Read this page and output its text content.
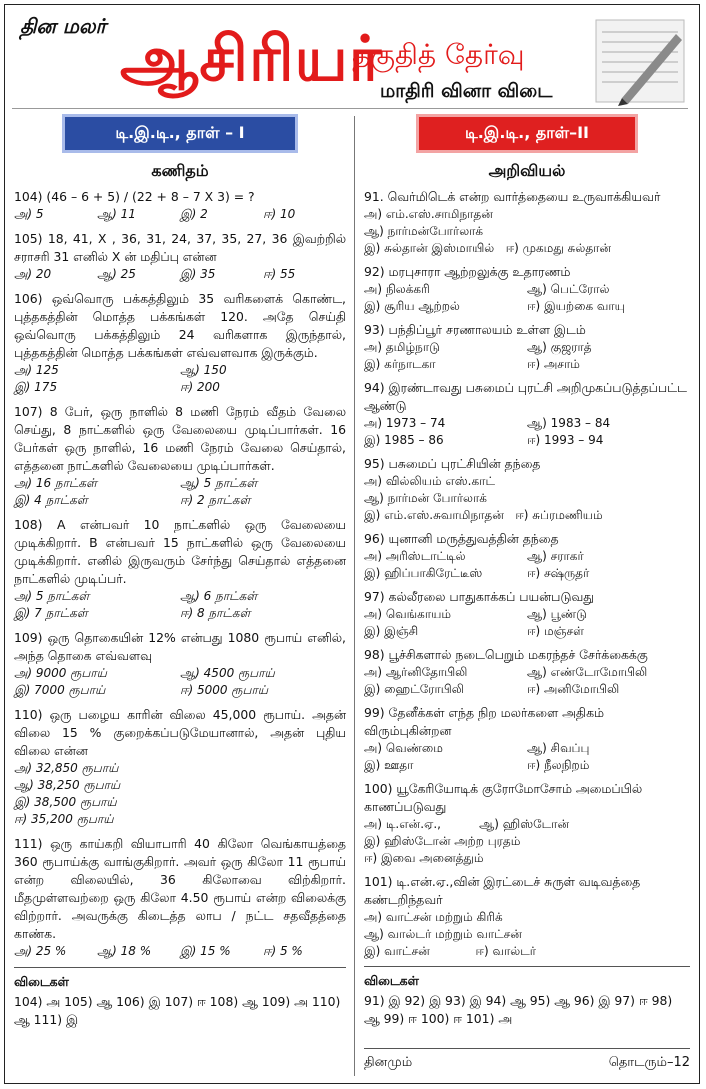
தின மலர் ஆசிரியர்
தகுதித் தேர்வு
மாதிரி வினா விடை
டி.இ.டி., தாள் – I
கணிதம்
104) (46 – 6 + 5) / (22 + 8 – 7 X 3) = ?
அ) 5	ஆ) 11	இ) 2	ஈ) 10
105) 18, 41, X , 36, 31, 24, 37, 35, 27, 36 இவற்றில் சராசரி 31 எனில் X ன் மதிப்பு என்ன
அ) 20	ஆ) 25	இ) 35	ஈ) 55
106) ஒவ்வொரு பக்கத்திலும் 35 வரிகளைக் கொண்ட, புத்தகத்தின் மொத்த பக்கங்கள் 120. அதே செய்தி ஒவ்வொரு பக்கத்திலும் 24 வரிகளாக இருந்தால், புத்தகத்தின் மொத்த பக்கங்கள் எவ்வளவாக இருக்கும்.
அ) 125	ஆ) 150
இ) 175	ஈ) 200
107) 8 பேர், ஒரு நாளில் 8 மணி நேரம் வீதம் வேலை செய்து, 8 நாட்களில் ஒரு வேலையை முடிப்பார்கள். 16 பேர்கள் ஒரு நாளில், 16 மணி நேரம் வேலை செய்தால், எத்தனை நாட்களில் வேலையை முடிப்பார்கள்.
அ) 16 நாட்கள்	ஆ) 5 நாட்கள்
இ) 4 நாட்கள்	ஈ) 2 நாட்கள்
108) A என்பவர் 10 நாட்களில் ஒரு வேலையை முடிக்கிறார். B என்பவர் 15 நாட்களில் ஒரு வேலையை முடிக்கிறார். எனில் இருவரும் சேர்ந்து செய்தால் எத்தனை நாட்களில் முடிப்பர்.
அ) 5 நாட்கள்	ஆ) 6 நாட்கள்
இ) 7 நாட்கள்	ஈ) 8 நாட்கள்
109) ஒரு தொகையின் 12% என்பது 1080 ரூபாய் எனில், அந்த தொகை எவ்வளவு
அ) 9000 ரூபாய்	ஆ) 4500 ரூபாய்
இ) 7000 ரூபாய்	ஈ) 5000 ரூபாய்
110) ஒரு பழைய காரின் விலை 45,000 ரூபாய். அதன் விலை 15 % குறைக்கப்படுமேயானால், அதன் புதிய விலை என்ன
அ) 32,850 ரூபாய்
ஆ) 38,250 ரூபாய்
இ) 38,500 ரூபாய்
ஈ) 35,200 ரூபாய்
111) ஒரு காய்கறி வியாபாரி 40 கிலோ வெங்காயத்தை 360 ரூபாய்க்கு வாங்குகிறார். அவர் ஒரு கிலோ 11 ரூபாய் என்ற விலையில், 36 கிலோவை விற்கிறார். மீதமுள்ளவற்றை ஒரு கிலோ 4.50 ரூபாய் என்ற விலைக்கு விற்றார். அவருக்கு கிடைத்த லாப / நட்ட சதவீதத்தை காண்க.
அ) 25 %	ஆ) 18 %	இ) 15 %	ஈ) 5 %
விடைகள்
104) அ 105) ஆ 106) இ 107) ஈ 108) ஆ 109) அ 110) ஆ 111) இ
டி.இ.டி., தாள்–II
அறிவியல்
91. வெர்மிடெக் என்ற வார்த்தையை உருவாக்கியவர்
அ) எம்.எஸ்.சாமிநாதன்
ஆ) நார்மன்போர்லாக்
இ) சுல்தான் இஸ்மாயில்   ஈ) முகமது சுல்தான்
92) மரபுசாரா ஆற்றலுக்கு உதாரணம்
அ) நிலக்கரி	ஆ) பெட்ரோல்
இ) சூரிய ஆற்றல்	ஈ) இயற்கை வாயு
93) பந்திப்பூர் சரணாலயம் உள்ள இடம்
அ) தமிழ்நாடு	ஆ) குஜராத்
இ) கர்நாடகா	ஈ) அசாம்
94) இரண்டாவது பசுமைப் புரட்சி அறிமுகப்படுத்தப்பட்ட ஆண்டு
அ) 1973 – 74	ஆ) 1983 – 84
இ) 1985 – 86	ஈ) 1993 – 94
95) பசுமைப் புரட்சியின் தந்தை
அ) வில்லியம் எஸ்.காட்
ஆ) நார்மன் போர்லாக்
இ) எம்.எஸ்.சுவாமிநாதன்   ஈ) சுப்ரமணியம்
96) யுனானி மருத்துவத்தின் தந்தை
அ) அரிஸ்டாட்டில்	ஆ) சராகர்
இ) ஹிப்பாகிரேட்டீஸ்	ஈ) சஷ்ருதர்
97) கல்லீரலை பாதுகாக்கப் பயன்படுவது
அ) வெங்காயம்	ஆ) பூண்டு
இ) இஞ்சி	ஈ) மஞ்சள்
98) பூச்சிகளால் நடைபெறும் மகரந்தச் சேர்க்கைக்கு
அ) ஆர்னிதோபிலி	ஆ) எண்டோமோபிலி
இ) ஹைட்ரோபிலி	ஈ) அனிமோபிலி
99) தேனீக்கள் எந்த நிற மலர்களை அதிகம் விரும்புகின்றன
அ) வெண்மை	ஆ) சிவப்பு
இ) ஊதா	ஈ) நீலநிறம்
100) யூகேரியோடிக் குரோமோசோம் அமைப்பில் காணப்படுவது
அ) டி.என்.ஏ.,          ஆ) ஹிஸ்டோன்
இ) ஹிஸ்டோன் அற்ற புரதம்
ஈ) இவை அனைத்தும்
101) டி.என்.ஏ.,வின் இரட்டைச் சுருள் வடிவத்தை கண்டறிந்தவர்
அ) வாட்சன் மற்றும் கிரிக்
ஆ) வால்டர் மற்றும் வாட்சன்
இ) வாட்சன்            ஈ) வால்டர்
விடைகள்
91) இ 92) இ 93) இ 94) ஆ 95) ஆ 96) இ 97) ஈ 98) ஆ 99) ஈ 100) ஈ 101) அ
தினமும்	தொடரும்–12
